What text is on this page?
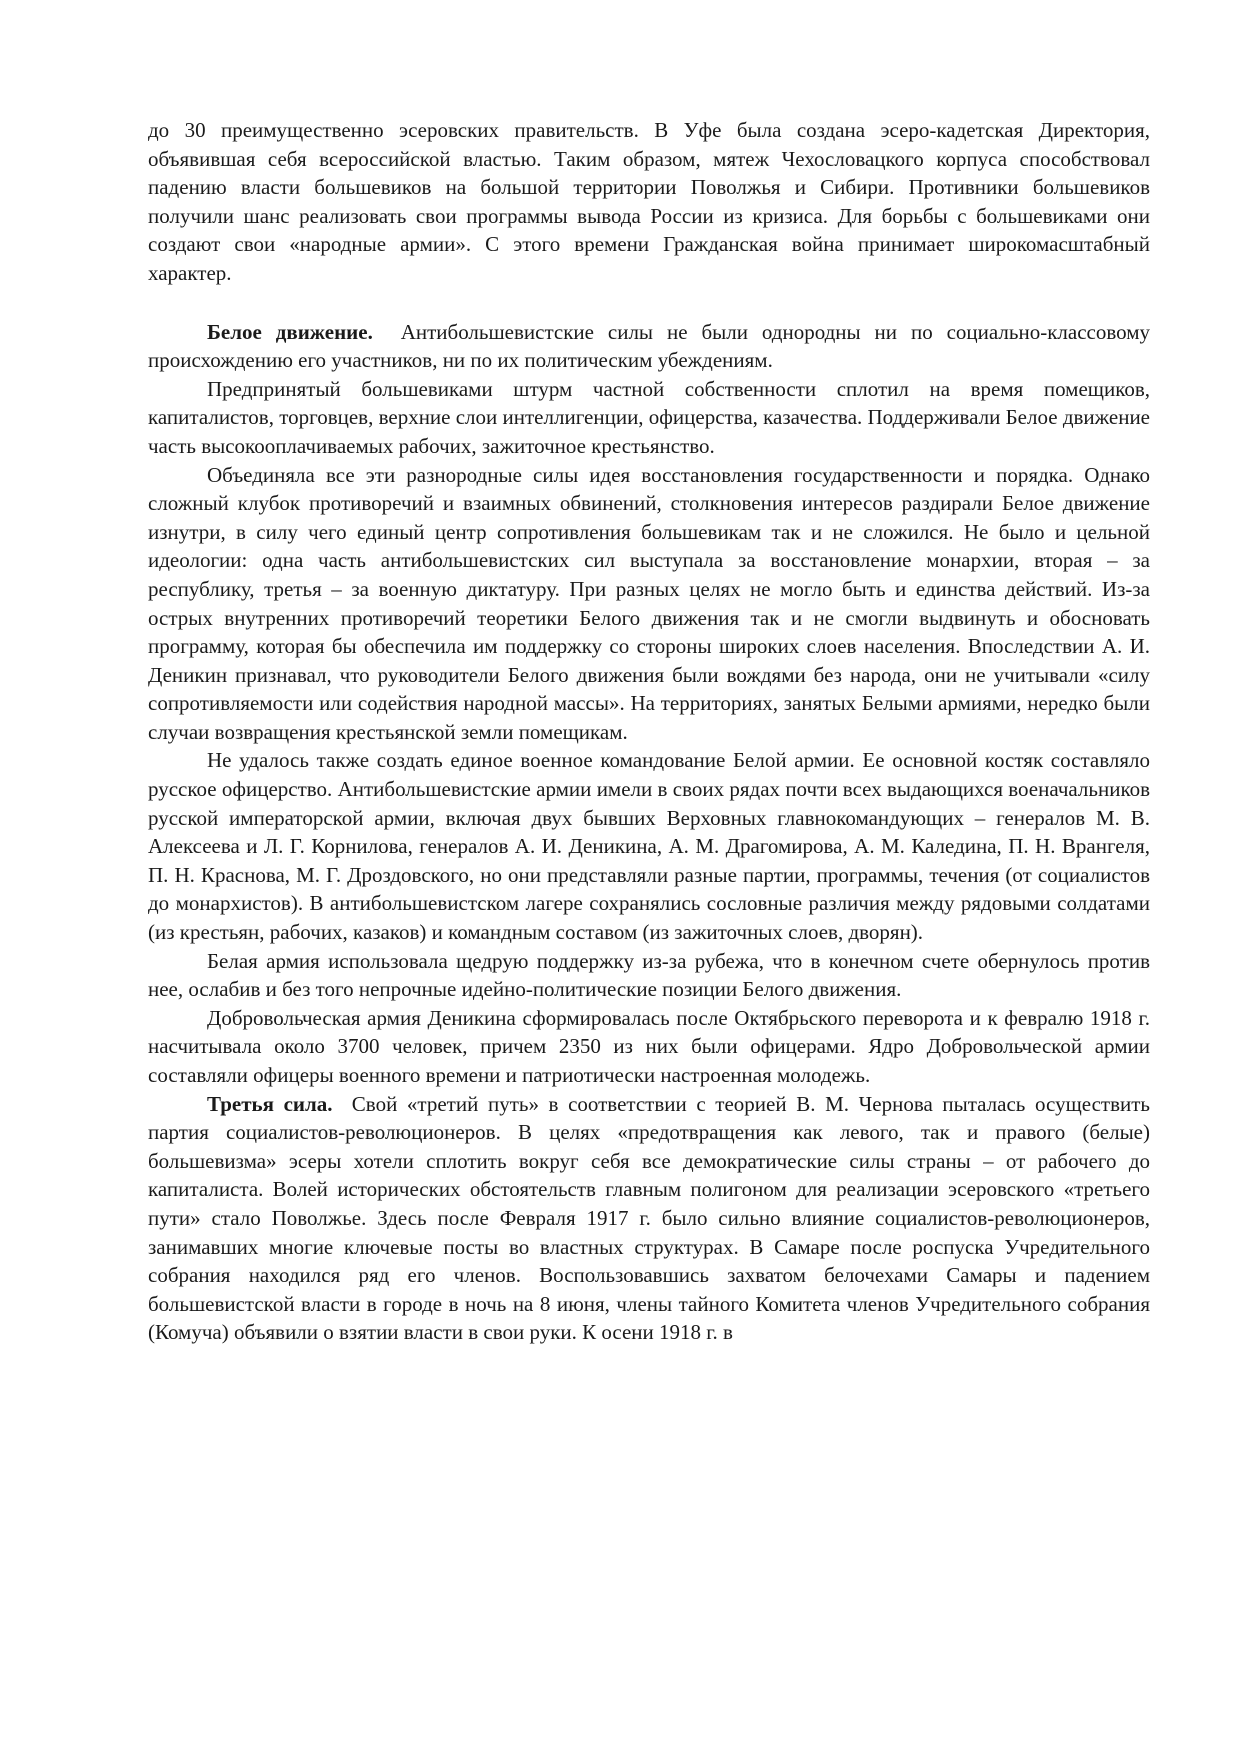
до 30 преимущественно эсеровских правительств. В Уфе была создана эсеро-кадетская Директория, объявившая себя всероссийской властью. Таким образом, мятеж Чехословацкого корпуса способствовал падению власти большевиков на большой территории Поволжья и Сибири. Противники большевиков получили шанс реализовать свои программы вывода России из кризиса. Для борьбы с большевиками они создают свои «народные армии». С этого времени Гражданская война принимает широкомасштабный характер.

Белое движение. Антибольшевистские силы не были однородны ни по социально-классовому происхождению его участников, ни по их политическим убеждениям.

Предпринятый большевиками штурм частной собственности сплотил на время помещиков, капиталистов, торговцев, верхние слои интеллигенции, офицерства, казачества. Поддерживали Белое движение часть высокооплачиваемых рабочих, зажиточное крестьянство.

Объединяла все эти разнородные силы идея восстановления государственности и порядка. Однако сложный клубок противоречий и взаимных обвинений, столкновения интересов раздирали Белое движение изнутри, в силу чего единый центр сопротивления большевикам так и не сложился. Не было и цельной идеологии: одна часть антибольшевистских сил выступала за восстановление монархии, вторая – за республику, третья – за военную диктатуру. При разных целях не могло быть и единства действий. Из-за острых внутренних противоречий теоретики Белого движения так и не смогли выдвинуть и обосновать программу, которая бы обеспечила им поддержку со стороны широких слоев населения. Впоследствии А. И. Деникин признавал, что руководители Белого движения были вождями без народа, они не учитывали «силу сопротивляемости или содействия народной массы». На территориях, занятых Белыми армиями, нередко были случаи возвращения крестьянской земли помещикам.

Не удалось также создать единое военное командование Белой армии. Ее основной костяк составляло русское офицерство. Антибольшевистские армии имели в своих рядах почти всех выдающихся военачальников русской императорской армии, включая двух бывших Верховных главнокомандующих – генералов М. В. Алексеева и Л. Г. Корнилова, генералов А. И. Деникина, А. М. Драгомирова, А. М. Каледина, П. Н. Врангеля, П. Н. Краснова, М. Г. Дроздовского, но они представляли разные партии, программы, течения (от социалистов до монархистов). В антибольшевистском лагере сохранялись сословные различия между рядовыми солдатами (из крестьян, рабочих, казаков) и командным составом (из зажиточных слоев, дворян).

Белая армия использовала щедрую поддержку из-за рубежа, что в конечном счете обернулось против нее, ослабив и без того непрочные идейно-политические позиции Белого движения.

Добровольческая армия Деникина сформировалась после Октябрьского переворота и к февралю 1918 г. насчитывала около 3700 человек, причем 2350 из них были офицерами. Ядро Добровольческой армии составляли офицеры военного времени и патриотически настроенная молодежь.

Третья сила. Свой «третий путь» в соответствии с теорией В. М. Чернова пыталась осуществить партия социалистов-революционеров. В целях «предотвращения как левого, так и правого (белые) большевизма» эсеры хотели сплотить вокруг себя все демократические силы страны – от рабочего до капиталиста. Волей исторических обстоятельств главным полигоном для реализации эсеровского «третьего пути» стало Поволжье. Здесь после Февраля 1917 г. было сильно влияние социалистов-революционеров, занимавших многие ключевые посты во властных структурах. В Самаре после роспуска Учредительного собрания находился ряд его членов. Воспользовавшись захватом белочехами Самары и падением большевистской власти в городе в ночь на 8 июня, члены тайного Комитета членов Учредительного собрания (Комуча) объявили о взятии власти в свои руки. К осени 1918 г. в
